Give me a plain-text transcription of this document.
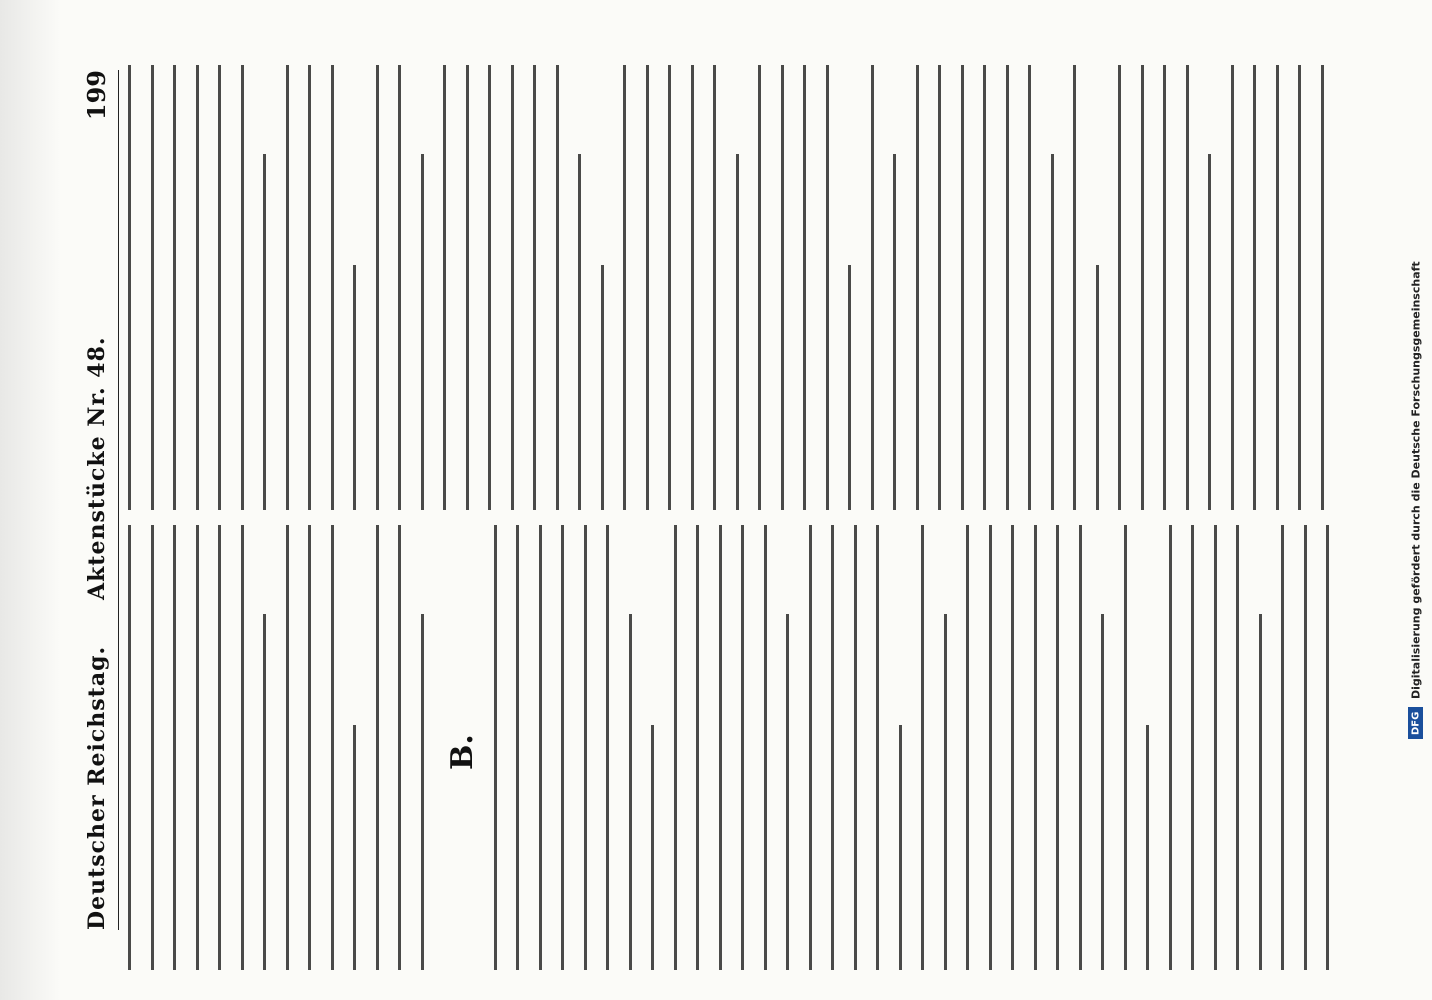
Deutscher Reichstag.
Aktenstücke Nr. 48.
199
B.
DFG
Digitalisierung gefördert durch die Deutsche Forschungsgemeinschaft
